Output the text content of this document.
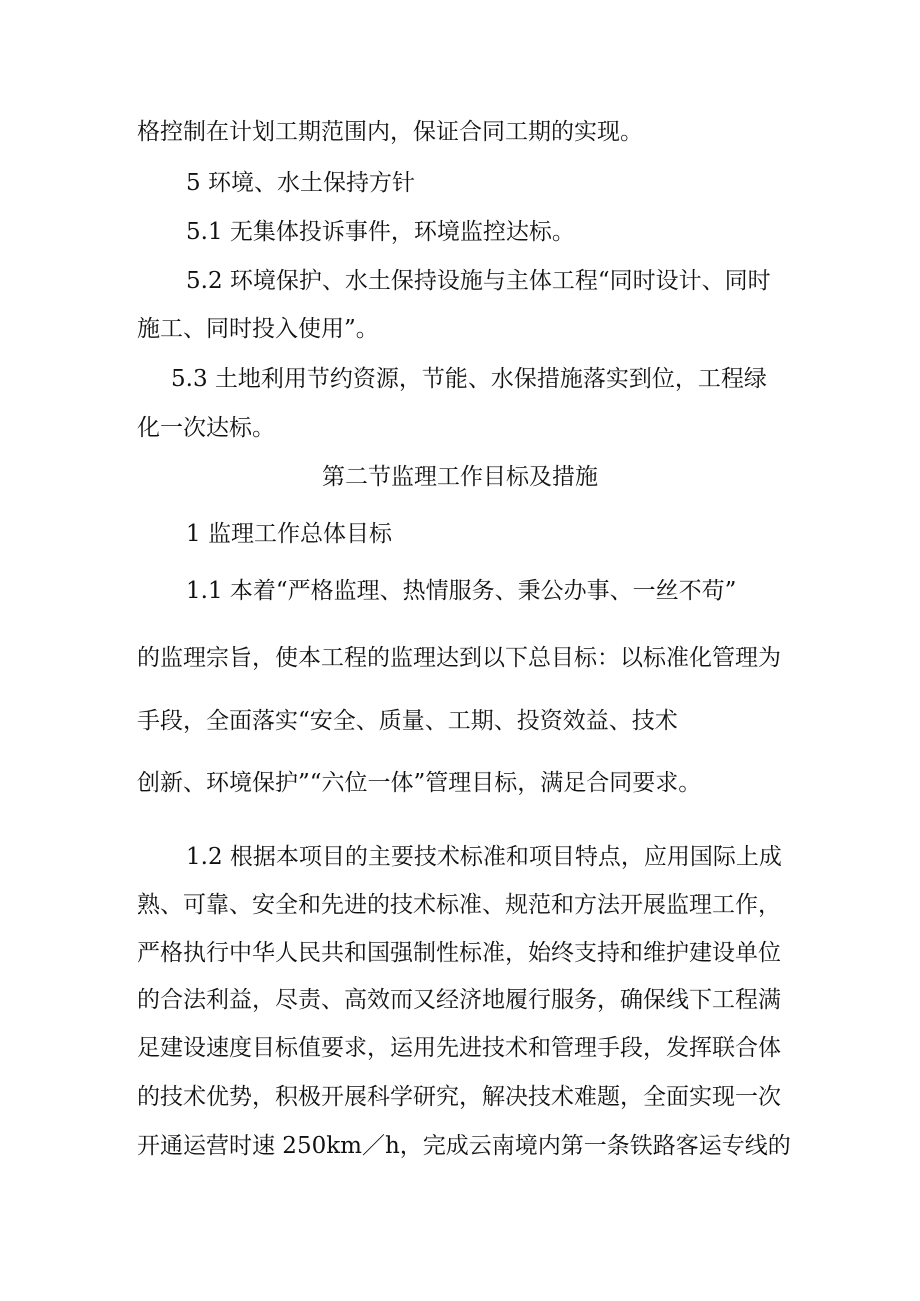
格控制在计划工期范围内，保证合同工期的实现。
5 环境、水土保持方针
5.1 无集体投诉事件，环境监控达标。
5.2 环境保护、水土保持设施与主体工程“同时设计、同时
施工、同时投入使用”。
5.3 土地利用节约资源，节能、水保措施落实到位，工程绿
化一次达标。
第二节监理工作目标及措施
1 监理工作总体目标
1.1 本着“严格监理、热情服务、秉公办事、一丝不苟”
的监理宗旨，使本工程的监理达到以下总目标：以标准化管理为
手段，全面落实“安全、质量、工期、投资效益、技术
创新、环境保护”“六位一体”管理目标，满足合同要求。
1.2 根据本项目的主要技术标准和项目特点，应用国际上成
熟、可靠、安全和先进的技术标准、规范和方法开展监理工作，
严格执行中华人民共和国强制性标准，始终支持和维护建设单位
的合法利益，尽责、高效而又经济地履行服务，确保线下工程满
足建设速度目标值要求，运用先进技术和管理手段，发挥联合体
的技术优势，积极开展科学研究，解决技术难题，全面实现一次
开通运营时速 250km／h，完成云南境内第一条铁路客运专线的
